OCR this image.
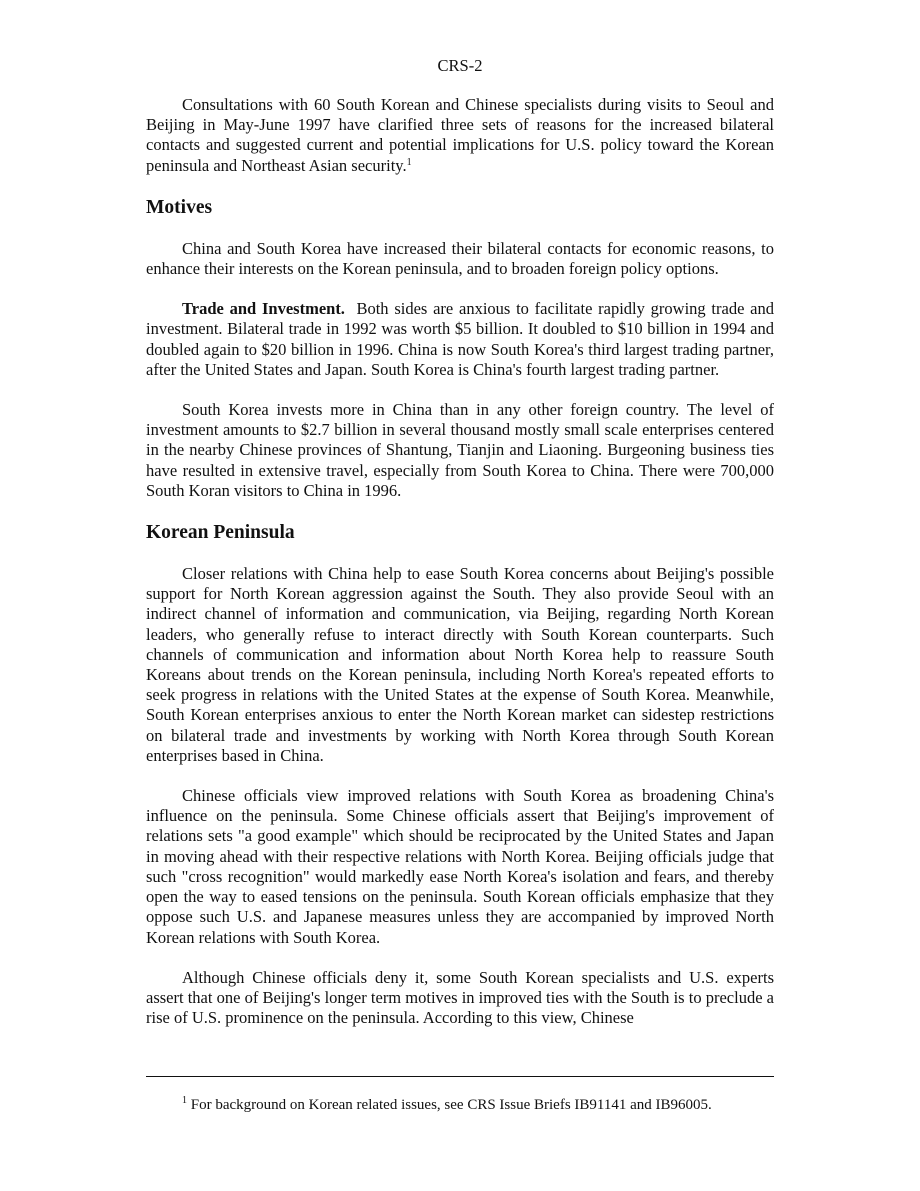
CRS-2

Consultations with 60 South Korean and Chinese specialists during visits to Seoul and Beijing in May-June 1997 have clarified three sets of reasons for the increased bilateral contacts and suggested current and potential implications for U.S. policy toward the Korean peninsula and Northeast Asian security.$^1$

Motives

China and South Korea have increased their bilateral contacts for economic reasons, to enhance their interests on the Korean peninsula, and to broaden foreign policy options.

Trade and Investment. Both sides are anxious to facilitate rapidly growing trade and investment. Bilateral trade in 1992 was worth $5 billion. It doubled to $10 billion in 1994 and doubled again to $20 billion in 1996. China is now South Korea's third largest trading partner, after the United States and Japan. South Korea is China's fourth largest trading partner.

South Korea invests more in China than in any other foreign country. The level of investment amounts to $2.7 billion in several thousand mostly small scale enterprises centered in the nearby Chinese provinces of Shantung, Tianjin and Liaoning. Burgeoning business ties have resulted in extensive travel, especially from South Korea to China. There were 700,000 South Koran visitors to China in 1996.

Korean Peninsula

Closer relations with China help to ease South Korea concerns about Beijing's possible support for North Korean aggression against the South. They also provide Seoul with an indirect channel of information and communication, via Beijing, regarding North Korean leaders, who generally refuse to interact directly with South Korean counterparts. Such channels of communication and information about North Korea help to reassure South Koreans about trends on the Korean peninsula, including North Korea's repeated efforts to seek progress in relations with the United States at the expense of South Korea. Meanwhile, South Korean enterprises anxious to enter the North Korean market can sidestep restrictions on bilateral trade and investments by working with North Korea through South Korean enterprises based in China.

Chinese officials view improved relations with South Korea as broadening China's influence on the peninsula. Some Chinese officials assert that Beijing's improvement of relations sets "a good example" which should be reciprocated by the United States and Japan in moving ahead with their respective relations with North Korea. Beijing officials judge that such "cross recognition" would markedly ease North Korea's isolation and fears, and thereby open the way to eased tensions on the peninsula. South Korean officials emphasize that they oppose such U.S. and Japanese measures unless they are accompanied by improved North Korean relations with South Korea.

Although Chinese officials deny it, some South Korean specialists and U.S. experts assert that one of Beijing's longer term motives in improved ties with the South is to preclude a rise of U.S. prominence on the peninsula. According to this view, Chinese

$^1$ For background on Korean related issues, see CRS Issue Briefs IB91141 and IB96005.
